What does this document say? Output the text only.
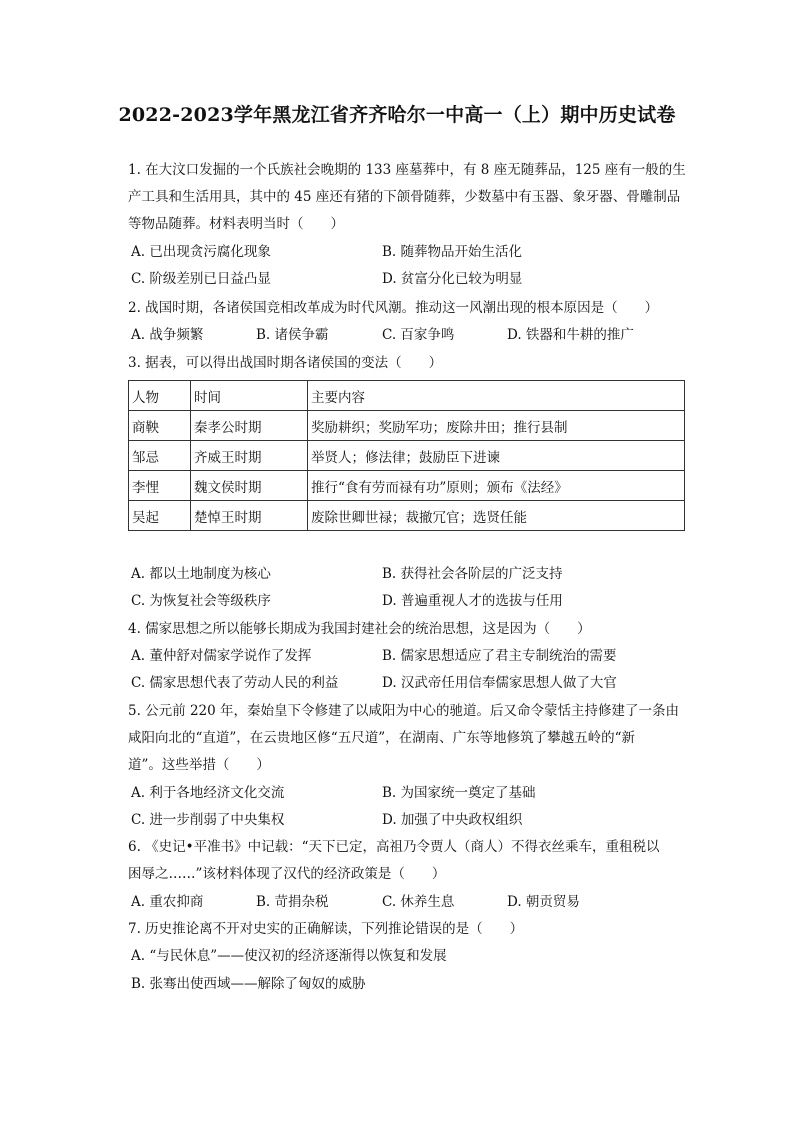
2022-2023学年黑龙江省齐齐哈尔一中高一（上）期中历史试卷
1. 在大汶口发掘的一个氏族社会晚期的 133 座墓葬中，有 8 座无随葬品，125 座有一般的生
产工具和生活用具，其中的 45 座还有猪的下颌骨随葬，少数墓中有玉器、象牙器、骨雕制品
等物品随葬。材料表明当时（　　）
A. 已出现贪污腐化现象	B. 随葬物品开始生活化
C. 阶级差别已日益凸显	D. 贫富分化已较为明显
2. 战国时期，各诸侯国竞相改革成为时代风潮。推动这一风潮出现的根本原因是（　　）
A. 战争频繁	B. 诸侯争霸	C. 百家争鸣	D. 铁器和牛耕的推广
3. 据表，可以得出战国时期各诸侯国的变法（　　）
人物	时间	主要内容
商鞅	秦孝公时期	奖励耕织；奖励军功；废除井田；推行县制
邹忌	齐威王时期	举贤人；修法律；鼓励臣下进谏
李悝	魏文侯时期	推行“食有劳而禄有功”原则；颁布《法经》
吴起	楚悼王时期	废除世卿世禄；裁撤冗官；选贤任能
A. 都以土地制度为核心	B. 获得社会各阶层的广泛支持
C. 为恢复社会等级秩序	D. 普遍重视人才的选拔与任用
4. 儒家思想之所以能够长期成为我国封建社会的统治思想，这是因为（　　）
A. 董仲舒对儒家学说作了发挥	B. 儒家思想适应了君主专制统治的需要
C. 儒家思想代表了劳动人民的利益	D. 汉武帝任用信奉儒家思想人做了大官
5. 公元前 220 年，秦始皇下令修建了以咸阳为中心的驰道。后又命令蒙恬主持修建了一条由
咸阳向北的“直道”，在云贵地区修“五尺道”，在湖南、广东等地修筑了攀越五岭的“新
道”。这些举措（　　）
A. 利于各地经济文化交流	B. 为国家统一奠定了基础
C. 进一步削弱了中央集权	D. 加强了中央政权组织
6. 《史记•平准书》中记载：“天下已定，高祖乃令贾人（商人）不得衣丝乘车，重租税以
困辱之……”该材料体现了汉代的经济政策是（　　）
A. 重农抑商	B. 苛捐杂税	C. 休养生息	D. 朝贡贸易
7. 历史推论离不开对史实的正确解读，下列推论错误的是（　　）
A. “与民休息”——使汉初的经济逐渐得以恢复和发展
B. 张骞出使西域——解除了匈奴的威胁
